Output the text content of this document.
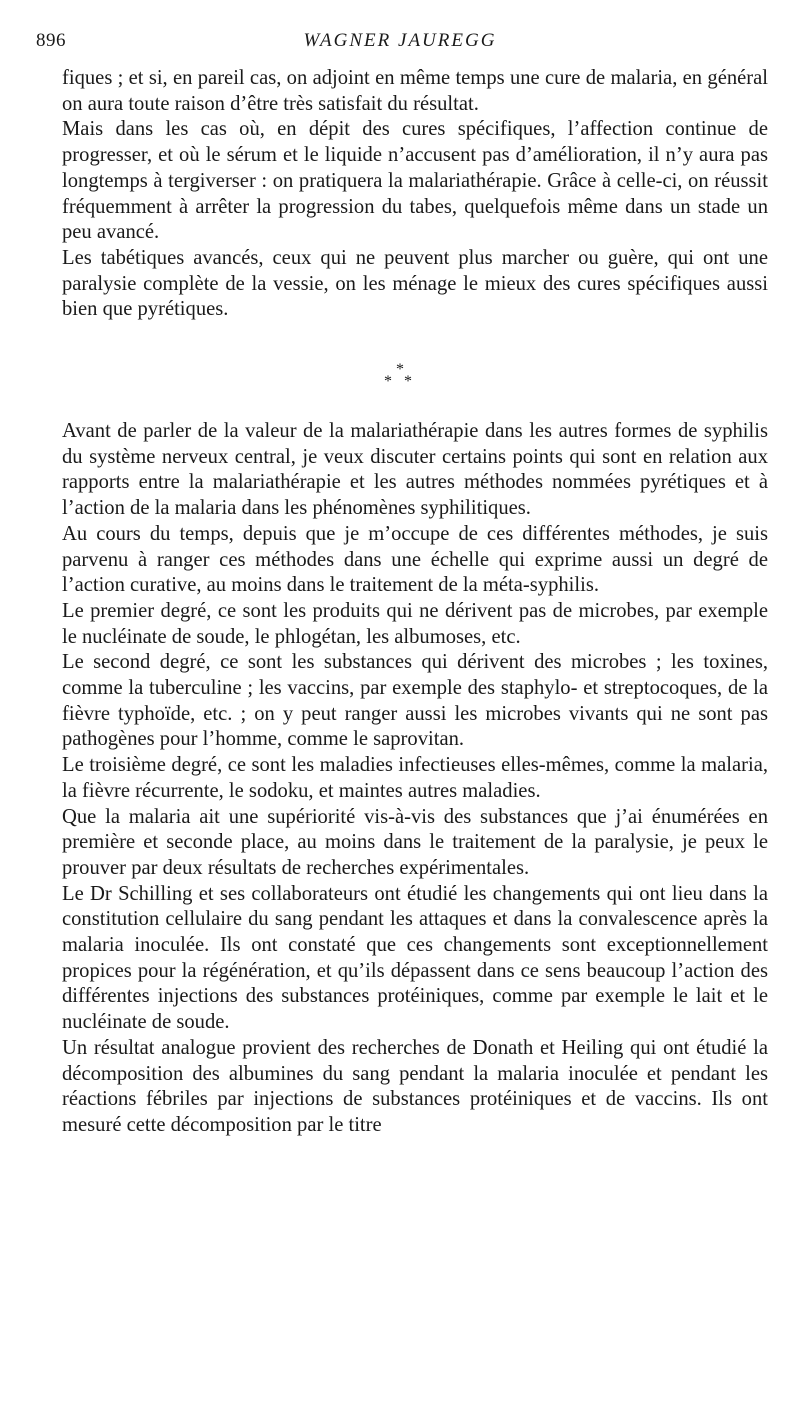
896	WAGNER JAUREGG

fiques ; et si, en pareil cas, on adjoint en même temps une cure de malaria, en général on aura toute raison d’être très satisfait du résultat.

Mais dans les cas où, en dépit des cures spécifiques, l’affection continue de progresser, et où le sérum et le liquide n’accusent pas d’amélioration, il n’y aura pas longtemps à tergiverser : on pratiquera la malariathérapie. Grâce à celle-ci, on réussit fréquemment à arrêter la progression du tabes, quelquefois même dans un stade un peu avancé.

Les tabétiques avancés, ceux qui ne peuvent plus marcher ou guère, qui ont une paralysie complète de la vessie, on les ménage le mieux des cures spécifiques aussi bien que pyrétiques.

*
* *

Avant de parler de la valeur de la malariathérapie dans les autres formes de syphilis du système nerveux central, je veux discuter certains points qui sont en relation aux rapports entre la malariathérapie et les autres méthodes nommées pyrétiques et à l’action de la malaria dans les phénomènes syphilitiques.

Au cours du temps, depuis que je m’occupe de ces différentes méthodes, je suis parvenu à ranger ces méthodes dans une échelle qui exprime aussi un degré de l’action curative, au moins dans le traitement de la méta-syphilis.

Le premier degré, ce sont les produits qui ne dérivent pas de microbes, par exemple le nucléinate de soude, le phlogétan, les albumoses, etc.

Le second degré, ce sont les substances qui dérivent des microbes ; les toxines, comme la tuberculine ; les vaccins, par exemple des staphylo- et streptocoques, de la fièvre typhoïde, etc. ; on y peut ranger aussi les microbes vivants qui ne sont pas pathogènes pour l’homme, comme le saprovitan.

Le troisième degré, ce sont les maladies infectieuses elles-mêmes, comme la malaria, la fièvre récurrente, le sodoku, et maintes autres maladies.

Que la malaria ait une supériorité vis-à-vis des substances que j’ai énumérées en première et seconde place, au moins dans le traitement de la paralysie, je peux le prouver par deux résultats de recherches expérimentales.

Le Dr Schilling et ses collaborateurs ont étudié les changements qui ont lieu dans la constitution cellulaire du sang pendant les attaques et dans la convalescence après la malaria inoculée. Ils ont constaté que ces changements sont exceptionnellement propices pour la régénération, et qu’ils dépassent dans ce sens beaucoup l’action des différentes injections des substances protéiniques, comme par exemple le lait et le nucléinate de soude.

Un résultat analogue provient des recherches de Donath et Heiling qui ont étudié la décomposition des albumines du sang pendant la malaria inoculée et pendant les réactions fébriles par injections de substances protéiniques et de vaccins. Ils ont mesuré cette décomposition par le titre
